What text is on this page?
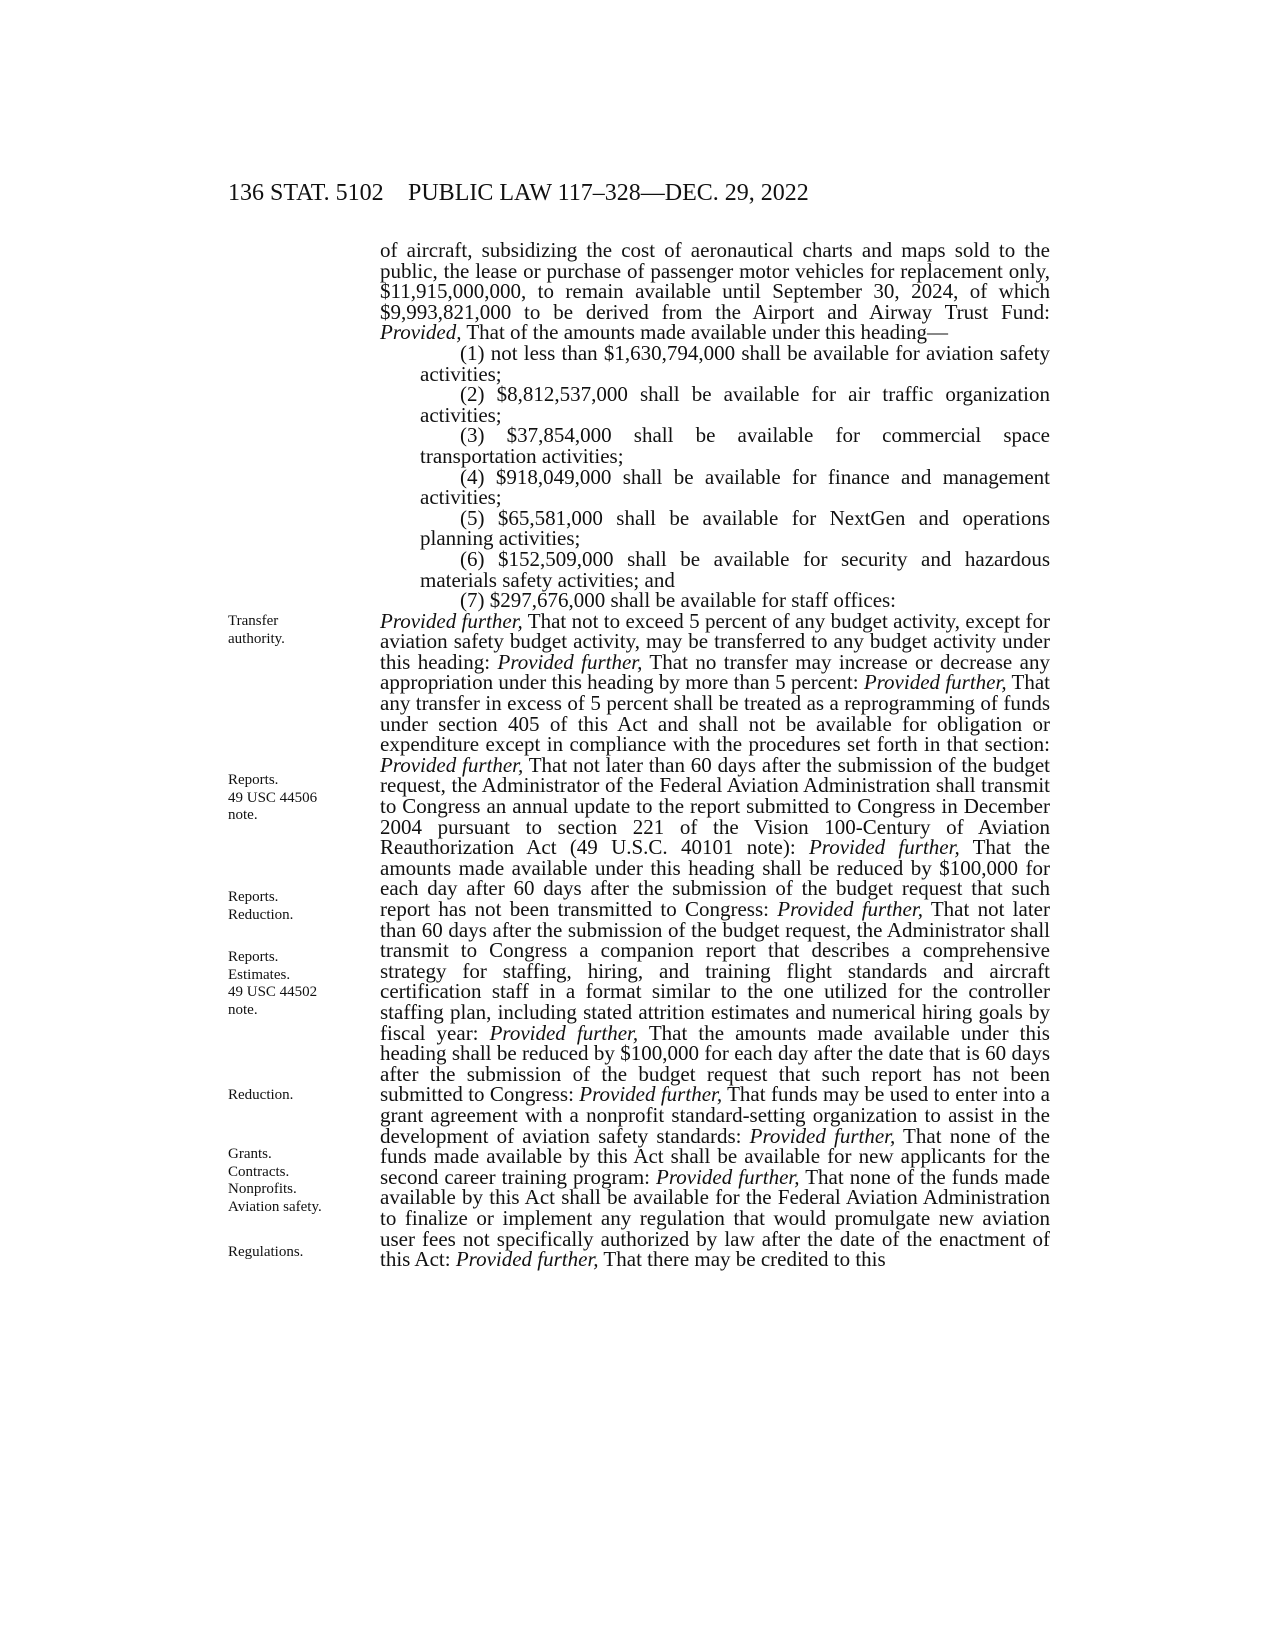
136 STAT. 5102 PUBLIC LAW 117–328—DEC. 29, 2022

Transfer
authority.

Reports.
49 USC 44506
note.

Reports.
Reduction.

Reports.
Estimates.
49 USC 44502
note.

Reduction.

Grants.
Contracts.
Nonprofits.
Aviation safety.

Regulations.

of aircraft, subsidizing the cost of aeronautical charts and maps sold to the public, the lease or purchase of passenger motor vehicles for replacement only, $11,915,000,000, to remain available until September 30, 2024, of which $9,993,821,000 to be derived from the Airport and Airway Trust Fund: Provided, That of the amounts made available under this heading—

(1) not less than $1,630,794,000 shall be available for aviation safety activities;

(2) $8,812,537,000 shall be available for air traffic organization activities;

(3) $37,854,000 shall be available for commercial space transportation activities;

(4) $918,049,000 shall be available for finance and management activities;

(5) $65,581,000 shall be available for NextGen and operations planning activities;

(6) $152,509,000 shall be available for security and hazardous materials safety activities; and

(7) $297,676,000 shall be available for staff offices:

Provided further, That not to exceed 5 percent of any budget activity, except for aviation safety budget activity, may be transferred to any budget activity under this heading: Provided further, That no transfer may increase or decrease any appropriation under this heading by more than 5 percent: Provided further, That any transfer in excess of 5 percent shall be treated as a reprogramming of funds under section 405 of this Act and shall not be available for obligation or expenditure except in compliance with the procedures set forth in that section: Provided further, That not later than 60 days after the submission of the budget request, the Administrator of the Federal Aviation Administration shall transmit to Congress an annual update to the report submitted to Congress in December 2004 pursuant to section 221 of the Vision 100-Century of Aviation Reauthorization Act (49 U.S.C. 40101 note): Provided further, That the amounts made available under this heading shall be reduced by $100,000 for each day after 60 days after the submission of the budget request that such report has not been transmitted to Congress: Provided further, That not later than 60 days after the submission of the budget request, the Administrator shall transmit to Congress a companion report that describes a comprehensive strategy for staffing, hiring, and training flight standards and aircraft certification staff in a format similar to the one utilized for the controller staffing plan, including stated attrition estimates and numerical hiring goals by fiscal year: Provided further, That the amounts made available under this heading shall be reduced by $100,000 for each day after the date that is 60 days after the submission of the budget request that such report has not been submitted to Congress: Provided further, That funds may be used to enter into a grant agreement with a nonprofit standard-setting organization to assist in the development of aviation safety standards: Provided further, That none of the funds made available by this Act shall be available for new applicants for the second career training program: Provided further, That none of the funds made available by this Act shall be available for the Federal Aviation Administration to finalize or implement any regulation that would promulgate new aviation user fees not specifically authorized by law after the date of the enactment of this Act: Provided further, That there may be credited to this
